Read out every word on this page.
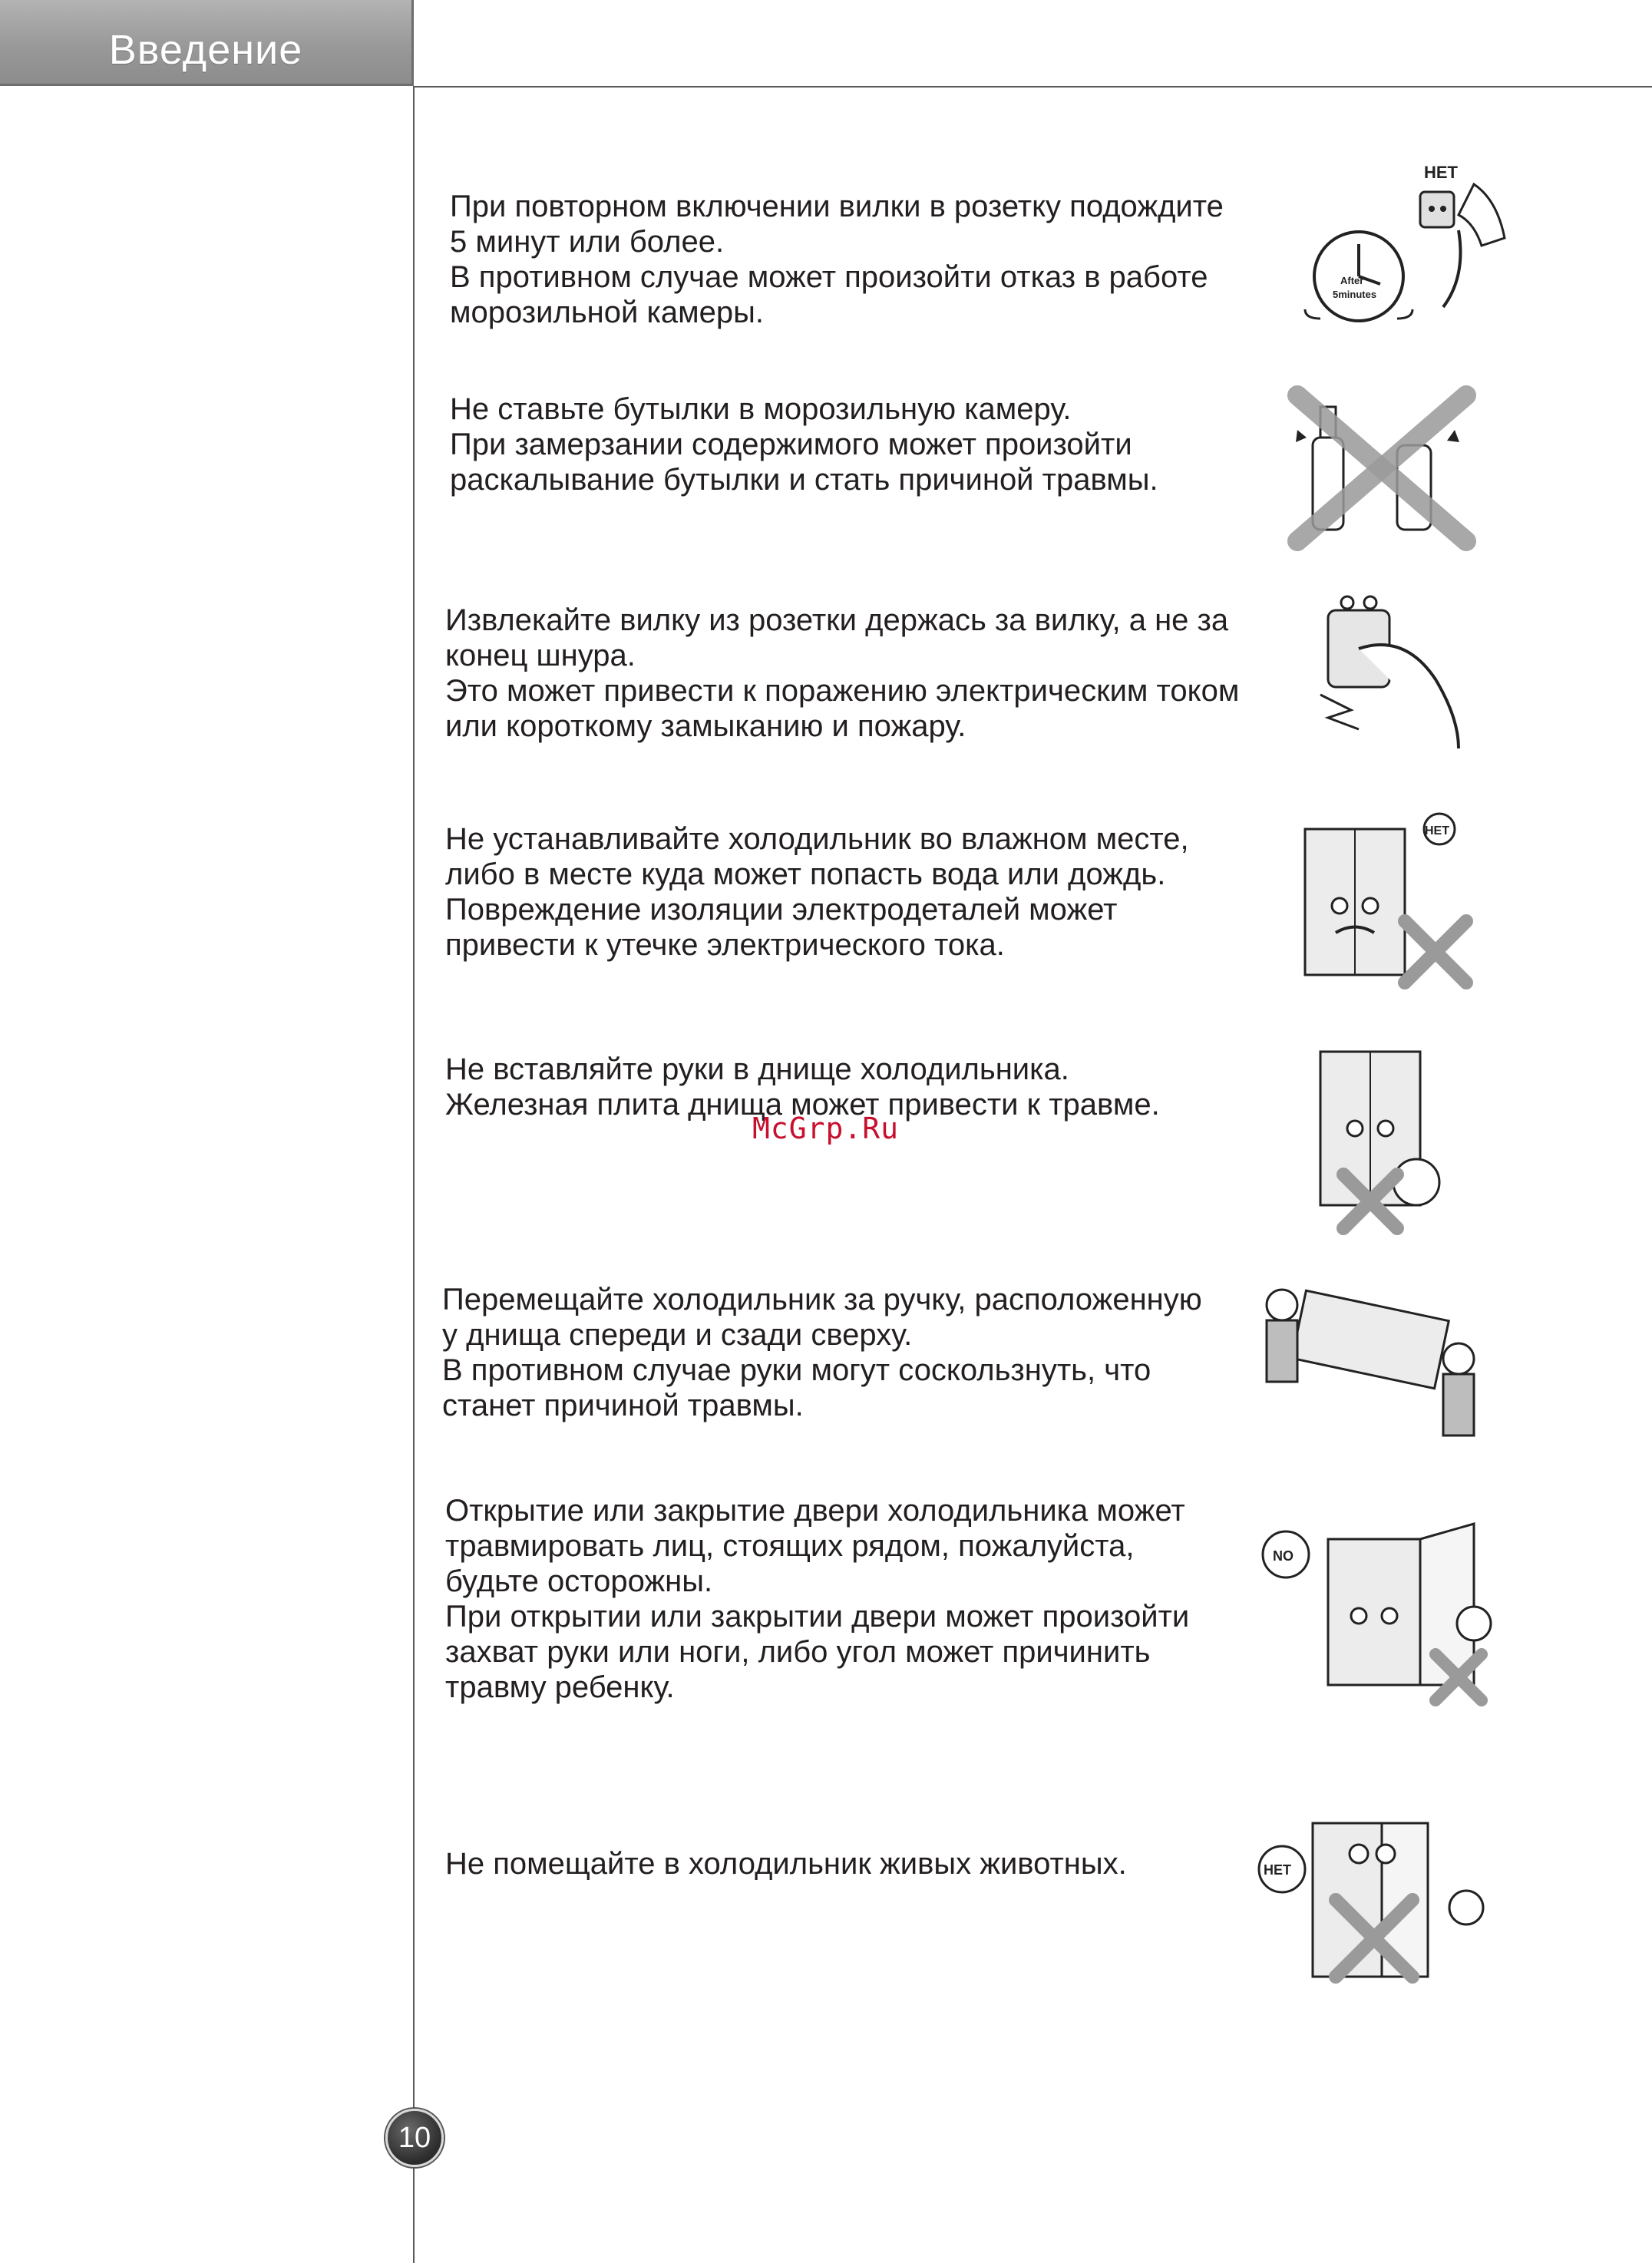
Введение
При повторном включении вилки в розетку подождите
5 минут или более.
В противном случае может произойти отказ в работе
морозильной камеры.
НЕТ
After
5minutes
Не ставьте бутылки в морозильную камеру.
При замерзании содержимого может произойти
раскалывание бутылки и стать причиной травмы.
Извлекайте вилку из розетки держась за вилку, а не за
конец шнура.
Это может привести к поражению электрическим током
или короткому замыканию и пожару.
Не устанавливайте холодильник во влажном месте,
либо в месте куда может попасть вода или дождь.
Повреждение изоляции электродеталей может
привести к утечке электрического тока.
НЕТ
Не вставляйте руки в днище холодильника.
Железная плита днища может привести к травме.
Перемещайте холодильник за ручку, расположенную
у днища спереди и сзади сверху.
В противном случае руки могут соскользнуть, что
станет причиной травмы.
Открытие или закрытие двери холодильника может
травмировать лиц, стоящих рядом, пожалуйста,
будьте осторожны.
При открытии или закрытии двери может произойти
захват руки или ноги, либо угол может причинить
травму ребенку.
NO
Не помещайте в холодильник живых животных.	НЕТ
McGrp.Ru
10
